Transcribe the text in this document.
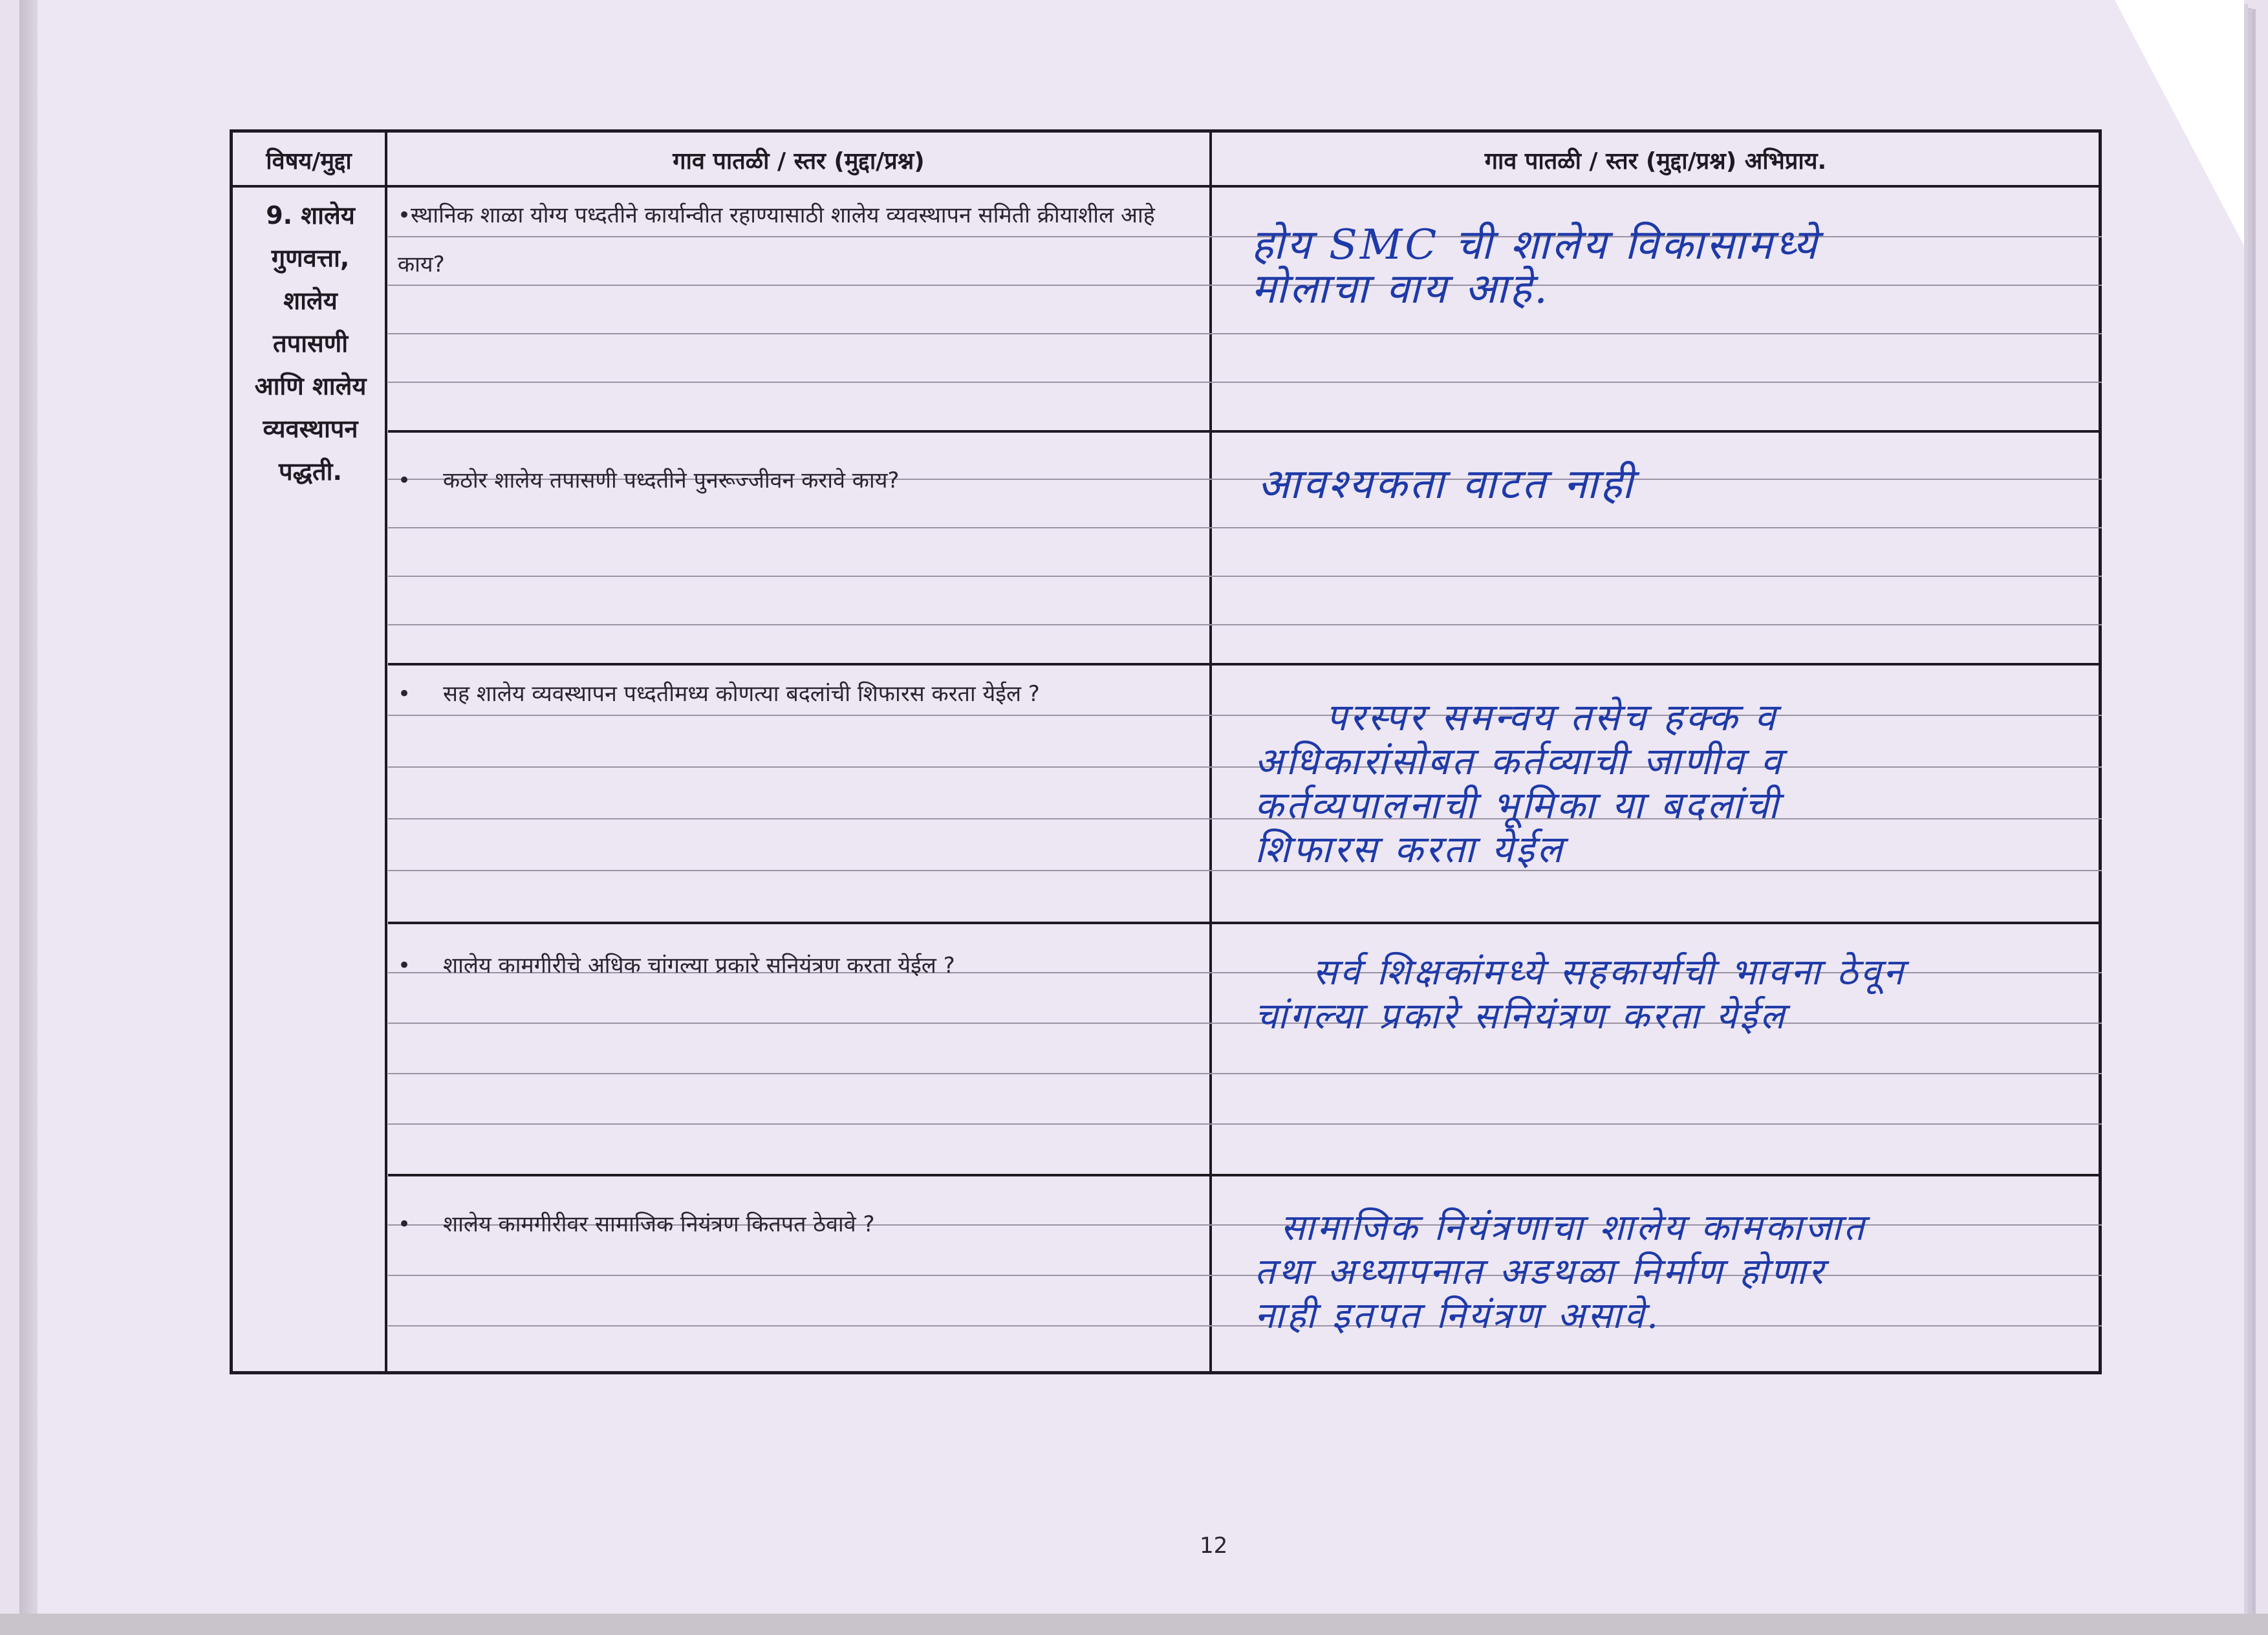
विषय/मुद्दा	गाव पातळी / स्तर (मुद्दा/प्रश्न)	गाव पातळी / स्तर (मुद्दा/प्रश्न) अभिप्राय.
9. शालेय
गुणवत्ता,
शालेय
तपासणी
आणि शालेय
व्यवस्थापन
पद्धती.
•स्थानिक शाळा योग्य पध्दतीने कार्यान्वीत रहाण्यासाठी शालेय व्यवस्थापन समिती क्रीयाशील आहे काय?
• कठोर शालेय तपासणी पध्दतीने पुनरूज्जीवन करावे काय?
• सह शालेय व्यवस्थापन पध्दतीमध्य कोणत्या बदलांची शिफारस करता येईल ?
• शालेय कामगीरीचे अधिक चांगल्या प्रकारे सनियंत्रण करता येईल ?
• शालेय कामगीरीवर सामाजिक नियंत्रण कितपत ठेवावे ?
होय SMC ची शालेय विकासामध्ये
मोलाचा वाय आहे.
आवश्यकता वाटत नाही
परस्पर समन्वय तसेच हक्क व
अधिकारांसोबत कर्तव्याची जाणीव व
कर्तव्यपालनाची भूमिका या बदलांची
शिफारस करता येईल
सर्व शिक्षकांमध्ये सहकार्याची भावना ठेवून
चांगल्या प्रकारे सनियंत्रण करता येईल
सामाजिक नियंत्रणाचा शालेय कामकाजात
तथा अध्यापनात अडथळा निर्माण होणार
नाही इतपत नियंत्रण असावे.
12
